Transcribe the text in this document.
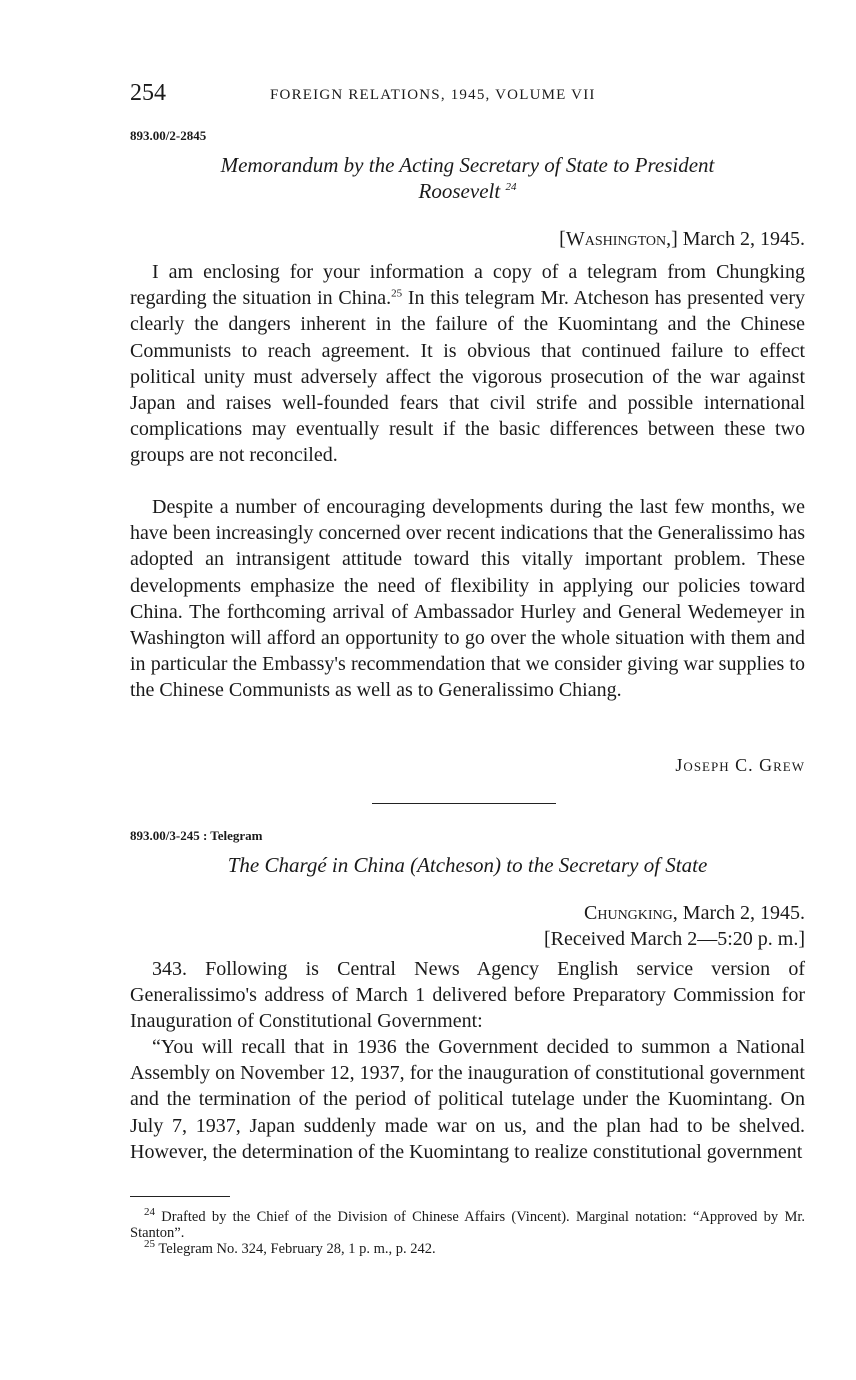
254	FOREIGN RELATIONS, 1945, VOLUME VII
893.00/2-2845
Memorandum by the Acting Secretary of State to President
Roosevelt $^{24}$
[Washington,] March 2, 1945.
I am enclosing for your information a copy of a telegram from Chungking regarding the situation in China.$^{25}$ In this telegram Mr. Atcheson has presented very clearly the dangers inherent in the failure of the Kuomintang and the Chinese Communists to reach agreement. It is obvious that continued failure to effect political unity must adversely affect the vigorous prosecution of the war against Japan and raises well-founded fears that civil strife and possible international complications may eventually result if the basic differences between these two groups are not reconciled.
Despite a number of encouraging developments during the last few months, we have been increasingly concerned over recent indications that the Generalissimo has adopted an intransigent attitude toward this vitally important problem. These developments emphasize the need of flexibility in applying our policies toward China. The forthcoming arrival of Ambassador Hurley and General Wedemeyer in Washington will afford an opportunity to go over the whole situation with them and in particular the Embassy's recommendation that we consider giving war supplies to the Chinese Communists as well as to Generalissimo Chiang.
Joseph C. Grew
893.00/3-245 : Telegram
The Chargé in China (Atcheson) to the Secretary of State
Chungking, March 2, 1945.
[Received March 2—5:20 p. m.]
343. Following is Central News Agency English service version of Generalissimo's address of March 1 delivered before Preparatory Commission for Inauguration of Constitutional Government:
“You will recall that in 1936 the Government decided to summon a National Assembly on November 12, 1937, for the inauguration of constitutional government and the termination of the period of political tutelage under the Kuomintang. On July 7, 1937, Japan suddenly made war on us, and the plan had to be shelved. However, the determination of the Kuomintang to realize constitutional government

$^{24}$ Drafted by the Chief of the Division of Chinese Affairs (Vincent). Marginal notation: “Approved by Mr. Stanton”.

$^{25}$ Telegram No. 324, February 28, 1 p. m., p. 242.
